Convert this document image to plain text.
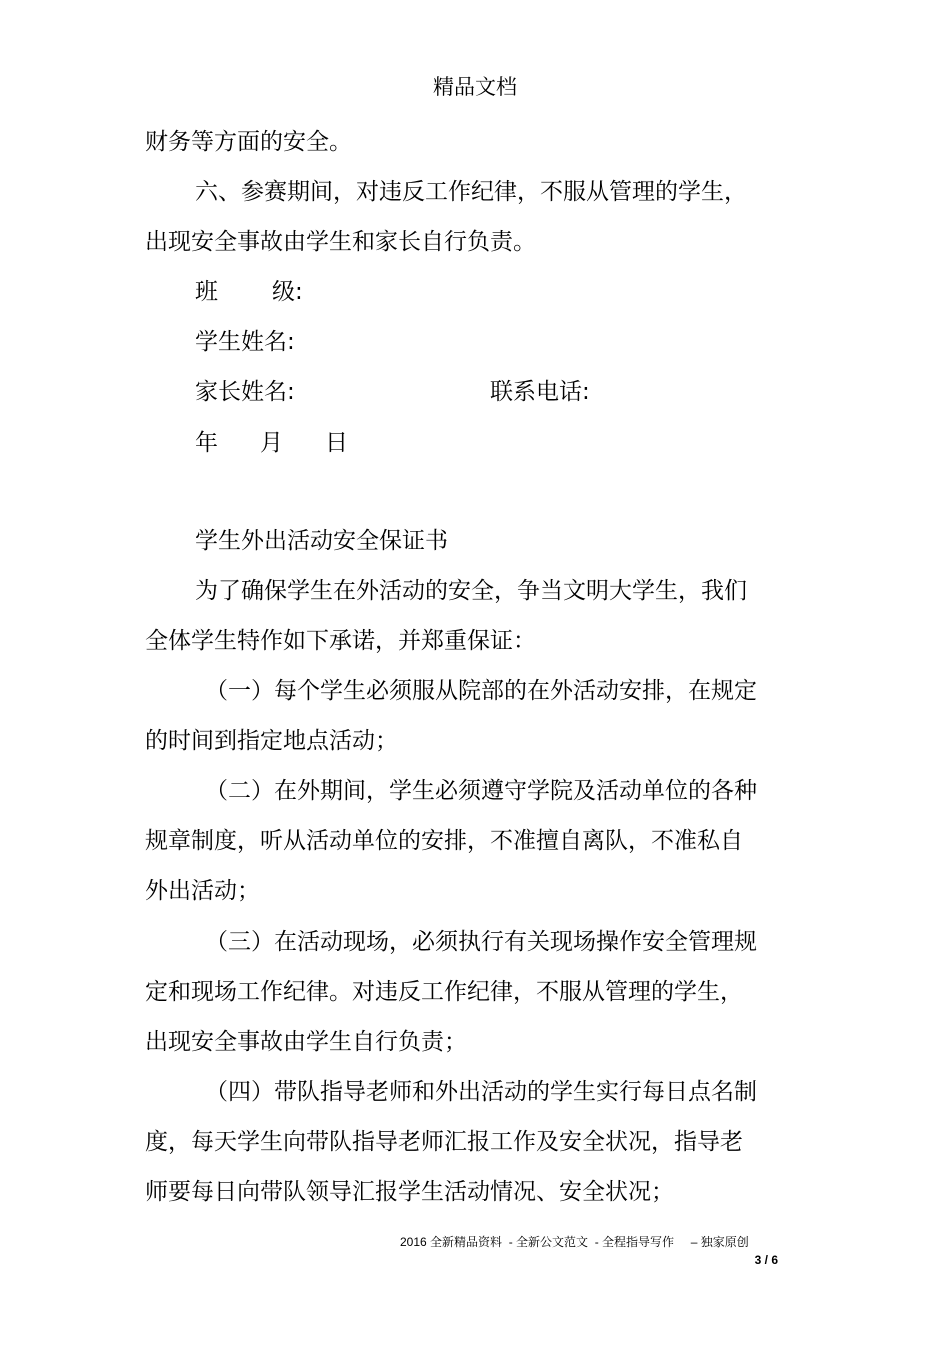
精品文档
财务等方面的安全。
六、参赛期间，对违反工作纪律，不服从管理的学生，
出现安全事故由学生和家长自行负责。
班 级:
学生姓名:
家长姓名:	联系电话:
年 月 日
学生外出活动安全保证书
为了确保学生在外活动的安全，争当文明大学生，我们
全体学生特作如下承诺，并郑重保证：
（一）每个学生必须服从院部的在外活动安排，在规定
的时间到指定地点活动；
（二）在外期间，学生必须遵守学院及活动单位的各种
规章制度，听从活动单位的安排，不准擅自离队，不准私自
外出活动；
（三）在活动现场，必须执行有关现场操作安全管理规
定和现场工作纪律。对违反工作纪律，不服从管理的学生，
出现安全事故由学生自行负责；
（四）带队指导老师和外出活动的学生实行每日点名制
度，每天学生向带队指导老师汇报工作及安全状况，指导老
师要每日向带队领导汇报学生活动情况、安全状况；
2016 全新精品资料  - 全新公文范文  - 全程指导写作     – 独家原创
3 / 6
